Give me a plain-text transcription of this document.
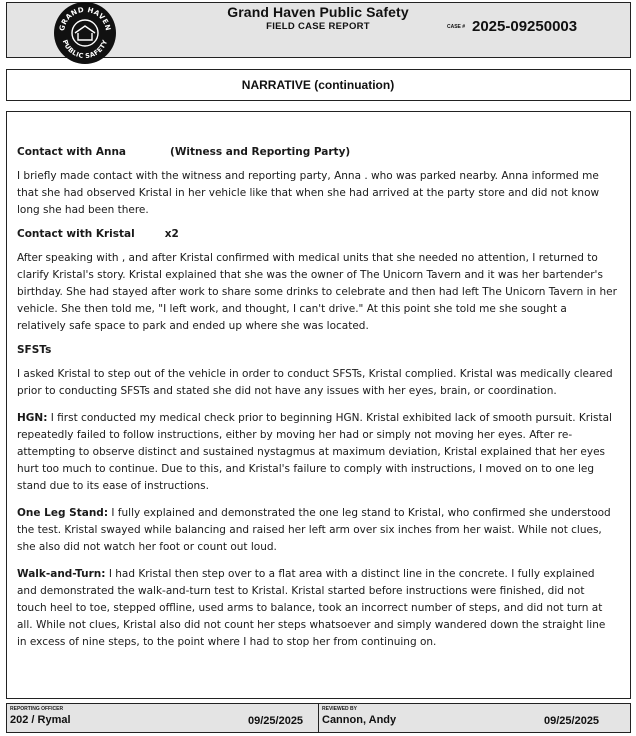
GRAND HAVEN
PUBLIC SAFETY
Grand Haven Public Safety
FIELD CASE REPORT	CASE # 2025-09250003
NARRATIVE (continuation)

Contact with Anna	(Witness and Reporting Party)

I briefly made contact with the witness and reporting party, Anna . who was parked nearby. Anna informed me that she had observed Kristal in her vehicle like that when she had arrived at the party store and did not know long she had been there.

Contact with Kristal	x2

After speaking with , and after Kristal confirmed with medical units that she needed no attention, I returned to clarify Kristal's story. Kristal explained that she was the owner of The Unicorn Tavern and it was her bartender's birthday. She had stayed after work to share some drinks to celebrate and then had left The Unicorn Tavern in her vehicle. She then told me, "I left work, and thought, I can't drive." At this point she told me she sought a relatively safe space to park and ended up where she was located.

SFSTs

I asked Kristal to step out of the vehicle in order to conduct SFSTs, Kristal complied. Kristal was medically cleared prior to conducting SFSTs and stated she did not have any issues with her eyes, brain, or coordination.

HGN: I first conducted my medical check prior to beginning HGN. Kristal exhibited lack of smooth pursuit. Kristal repeatedly failed to follow instructions, either by moving her had or simply not moving her eyes. After re-attempting to observe distinct and sustained nystagmus at maximum deviation, Kristal explained that her eyes hurt too much to continue. Due to this, and Kristal's failure to comply with instructions, I moved on to one leg stand due to its ease of instructions.

One Leg Stand: I fully explained and demonstrated the one leg stand to Kristal, who confirmed she understood the test. Kristal swayed while balancing and raised her left arm over six inches from her waist. While not clues, she also did not watch her foot or count out loud.

Walk-and-Turn: I had Kristal then step over to a flat area with a distinct line in the concrete. I fully explained and demonstrated the walk-and-turn test to Kristal. Kristal started before instructions were finished, did not touch heel to toe, stepped offline, used arms to balance, took an incorrect number of steps, and did not turn at all. While not clues, Kristal also did not count her steps whatsoever and simply wandered down the straight line in excess of nine steps, to the point where I had to stop her from continuing on.

REPORTING OFFICER
202 / Rymal	09/25/2025
REVIEWED BY
Cannon, Andy	09/25/2025
